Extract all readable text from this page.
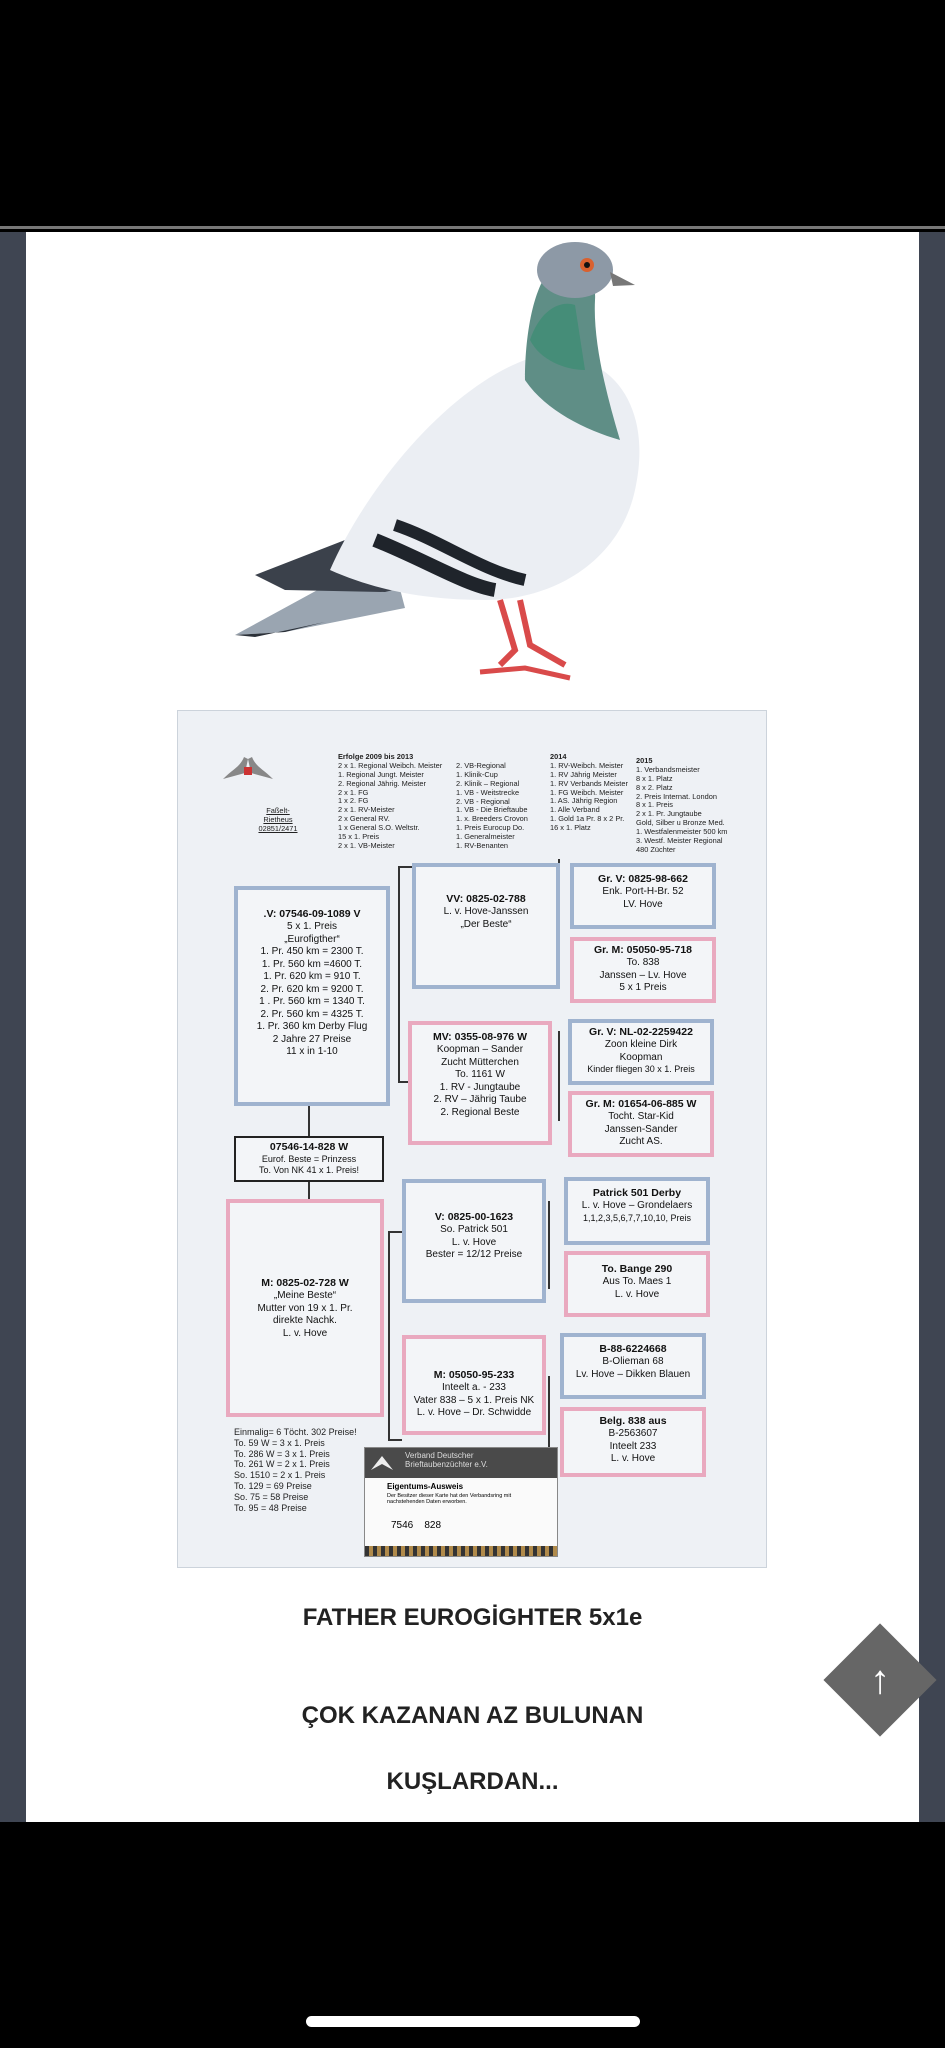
Faßelt-
Rietheus
02851/2471
Erfolge 2009 bis 2013
2 x 1. Regional Weibch. Meister
1. Regional Jungt. Meister
2. Regional Jährig. Meister
2 x 1. FG
1 x 2. FG
2 x 1. RV-Meister
2 x General RV.
1 x General S.O. Weltstr.
15 x 1. Preis
2 x 1. VB-Meister
2. VB-Regional
1. Klinik-Cup
2. Klinik – Regional
1. VB - Weitstrecke
2. VB - Regional
1. VB - Die Brieftaube
1. x. Breeders Crovon
1. Preis Eurocup Do.
1. Generalmeister
1. RV-Benanten
2014
1. RV-Weibch. Meister
1. RV Jährig Meister
1. RV Verbands Meister
1. FG Weibch. Meister
1. AS. Jährig Region
1. Alle Verband
1. Gold 1a Pr. 8 x 2 Pr.
16 x 1. Platz
2015
1. Verbandsmeister
8 x 1. Platz
8 x 2. Platz
2. Preis Internat. London
8 x 1. Preis
2 x 1. Pr. Jungtaube
Gold, Silber u Bronze Med.
1. Westfalenmeister 500 km
3. Westf. Meister Regional
480 Züchter
.V: 07546-09-1089 V
5 x 1. Preis
„Eurofigther“
1. Pr. 450 km = 2300 T.
1. Pr. 560 km =4600 T.
1. Pr. 620 km = 910 T.
2. Pr. 620 km = 9200 T.
1 . Pr. 560 km = 1340 T.
2. Pr. 560 km = 4325 T.
1. Pr. 360 km Derby Flug
2 Jahre 27 Preise
11 x in 1-10
07546-14-828 W
Eurof. Beste = Prinzess
To. Von NK 41 x 1. Preis!
M: 0825-02-728 W
„Meine Beste“
Mutter von 19 x 1. Pr.
direkte Nachk.
L. v. Hove
VV: 0825-02-788
L. v. Hove-Janssen
„Der Beste“
MV: 0355-08-976 W
Koopman – Sander
Zucht Mütterchen
To. 1161 W
1. RV - Jungtaube
2. RV – Jährig Taube
2. Regional Beste
V: 0825-00-1623
So. Patrick 501
L. v. Hove
Bester = 12/12 Preise
M: 05050-95-233
Inteelt a. - 233
Vater 838 – 5 x 1. Preis NK
L. v. Hove – Dr. Schwidde
Gr. V: 0825-98-662
Enk. Port-H-Br. 52
LV. Hove
Gr. M: 05050-95-718
To. 838
Janssen – Lv. Hove
5 x 1 Preis
Gr. V: NL-02-2259422
Zoon kleine Dirk
Koopman
Kinder fliegen 30 x 1. Preis
Gr. M: 01654-06-885 W
Tocht. Star-Kid
Janssen-Sander
Zucht AS.
Patrick 501 Derby
L. v. Hove – Grondelaers
1,1,2,3,5,6,7,7,10,10, Preis
To. Bange 290
Aus To. Maes 1
L. v. Hove
B-88-6224668
B-Olieman 68
Lv. Hove – Dikken Blauen
Belg. 838 aus
B-2563607
Inteelt 233
L. v. Hove
Einmalig= 6 Töcht. 302 Preise!
To. 59 W = 3 x 1. Preis
To. 286 W = 3 x 1. Preis
To. 261 W = 2 x 1. Preis
So. 1510 = 2 x 1. Preis
To. 129 = 69 Preise
So. 75 = 58 Preise
To. 95 = 48 Preise
Verband Deutscher
Brieftaubenzüchter e.V.
Eigentums-Ausweis
Der Besitzer dieser Karte hat den Verbandsring mit nachstehenden Daten erworben.
7546 828
FATHER EUROGİGHTER 5x1e
ÇOK KAZANAN AZ BULUNAN
KUŞLARDAN...
↑
